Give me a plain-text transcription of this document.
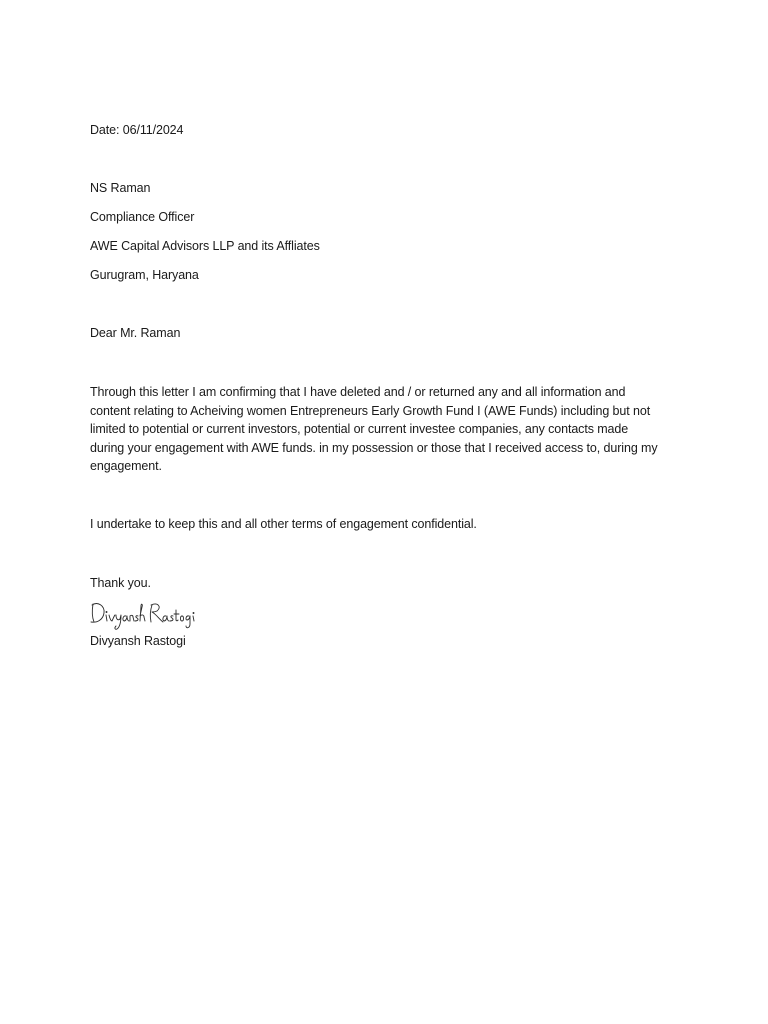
Date: 06/11/2024
NS Raman
Compliance Officer
AWE Capital Advisors LLP and its Affliates
Gurugram, Haryana
Dear Mr. Raman
Through this letter I am confirming that I have deleted and / or returned any and all information and
content relating to Acheiving women Entrepreneurs Early Growth Fund I (AWE Funds) including but not
limited to potential or current investors, potential or current investee companies, any contacts made
during your engagement with AWE funds. in my possession or those that I received access to, during my
engagement.
I undertake to keep this and all other terms of engagement confidential.
Thank you.
Divyansh Rastogi
